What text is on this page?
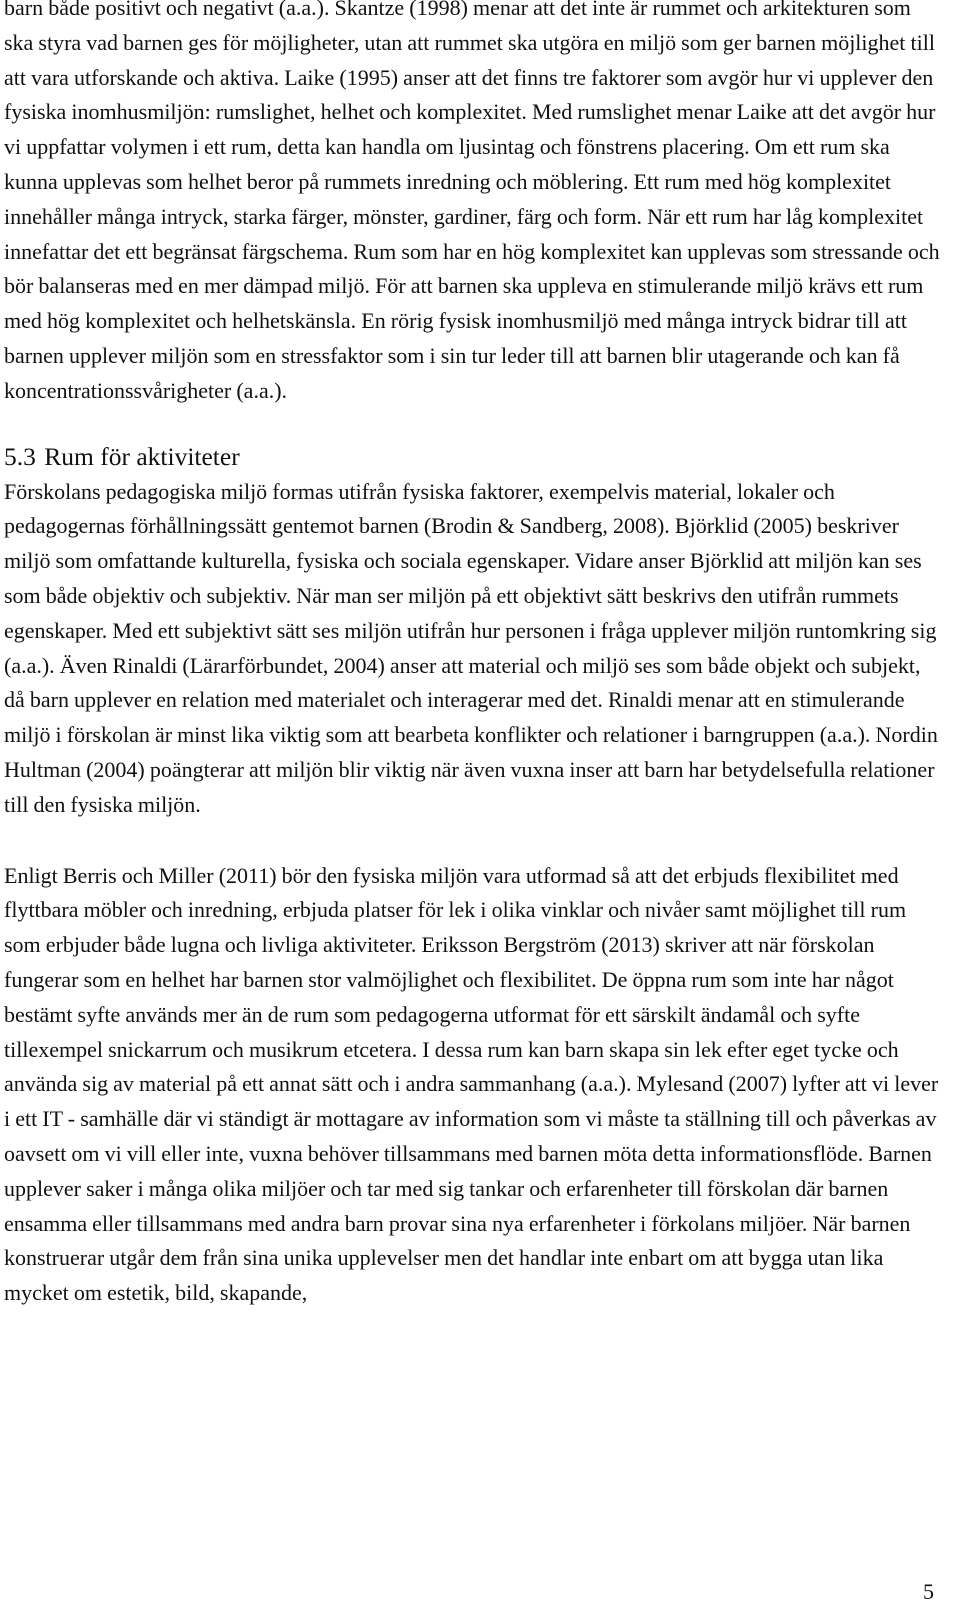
barn både positivt och negativt (a.a.). Skantze (1998) menar att det inte är rummet och arkitekturen som ska styra vad barnen ges för möjligheter, utan att rummet ska utgöra en miljö som ger barnen möjlighet till att vara utforskande och aktiva. Laike (1995) anser att det finns tre faktorer som avgör hur vi upplever den fysiska inomhusmiljön: rumslighet, helhet och komplexitet. Med rumslighet menar Laike att det avgör hur vi uppfattar volymen i ett rum, detta kan handla om ljusintag och fönstrens placering. Om ett rum ska kunna upplevas som helhet beror på rummets inredning och möblering. Ett rum med hög komplexitet innehåller många intryck, starka färger, mönster, gardiner, färg och form. När ett rum har låg komplexitet innefattar det ett begränsat färgschema. Rum som har en hög komplexitet kan upplevas som stressande och bör balanseras med en mer dämpad miljö. För att barnen ska uppleva en stimulerande miljö krävs ett rum med hög komplexitet och helhetskänsla. En rörig fysisk inomhusmiljö med många intryck bidrar till att barnen upplever miljön som en stressfaktor som i sin tur leder till att barnen blir utagerande och kan få koncentrationssvårigheter (a.a.).

5.3 Rum för aktiviteter

Förskolans pedagogiska miljö formas utifrån fysiska faktorer, exempelvis material, lokaler och pedagogernas förhållningssätt gentemot barnen (Brodin & Sandberg, 2008). Björklid (2005) beskriver miljö som omfattande kulturella, fysiska och sociala egenskaper. Vidare anser Björklid att miljön kan ses som både objektiv och subjektiv. När man ser miljön på ett objektivt sätt beskrivs den utifrån rummets egenskaper. Med ett subjektivt sätt ses miljön utifrån hur personen i fråga upplever miljön runtomkring sig (a.a.). Även Rinaldi (Lärarförbundet, 2004) anser att material och miljö ses som både objekt och subjekt, då barn upplever en relation med materialet och interagerar med det. Rinaldi menar att en stimulerande miljö i förskolan är minst lika viktig som att bearbeta konflikter och relationer i barngruppen (a.a.). Nordin Hultman (2004) poängterar att miljön blir viktig när även vuxna inser att barn har betydelsefulla relationer till den fysiska miljön.

Enligt Berris och Miller (2011) bör den fysiska miljön vara utformad så att det erbjuds flexibilitet med flyttbara möbler och inredning, erbjuda platser för lek i olika vinklar och nivåer samt möjlighet till rum som erbjuder både lugna och livliga aktiviteter. Eriksson Bergström (2013) skriver att när förskolan fungerar som en helhet har barnen stor valmöjlighet och flexibilitet. De öppna rum som inte har något bestämt syfte används mer än de rum som pedagogerna utformat för ett särskilt ändamål och syfte tillexempel snickarrum och musikrum etcetera. I dessa rum kan barn skapa sin lek efter eget tycke och använda sig av material på ett annat sätt och i andra sammanhang (a.a.). Mylesand (2007) lyfter att vi lever i ett IT - samhälle där vi ständigt är mottagare av information som vi måste ta ställning till och påverkas av oavsett om vi vill eller inte, vuxna behöver tillsammans med barnen möta detta informationsflöde. Barnen upplever saker i många olika miljöer och tar med sig tankar och erfarenheter till förskolan där barnen ensamma eller tillsammans med andra barn provar sina nya erfarenheter i förkolans miljöer. När barnen konstruerar utgår dem från sina unika upplevelser men det handlar inte enbart om att bygga utan lika mycket om estetik, bild, skapande,

5
